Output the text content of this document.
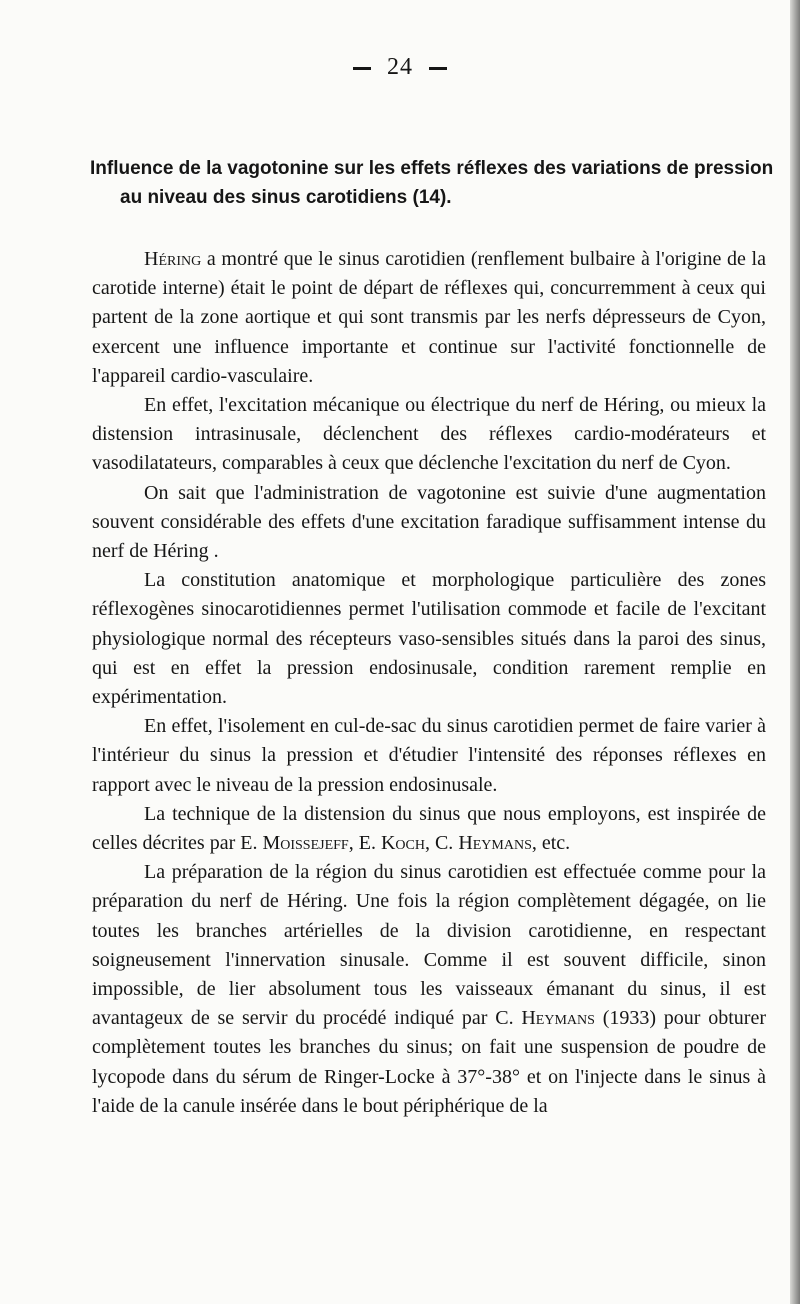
24
Influence de la vagotonine sur les effets réflexes des variations de pression au niveau des sinus carotidiens (14).

Héring a montré que le sinus carotidien (renflement bulbaire à l'origine de la carotide interne) était le point de départ de réflexes qui, concurremment à ceux qui partent de la zone aortique et qui sont transmis par les nerfs dépresseurs de Cyon, exercent une influence importante et continue sur l'activité fonctionnelle de l'appareil cardio-vasculaire.

En effet, l'excitation mécanique ou électrique du nerf de Héring, ou mieux la distension intrasinusale, déclenchent des réflexes cardio-modérateurs et vasodilatateurs, comparables à ceux que déclenche l'excitation du nerf de Cyon.

On sait que l'administration de vagotonine est suivie d'une augmentation souvent considérable des effets d'une excitation faradique suffisamment intense du nerf de Héring .

La constitution anatomique et morphologique particulière des zones réflexogènes sinocarotidiennes permet l'utilisation commode et facile de l'excitant physiologique normal des récepteurs vaso-sensibles situés dans la paroi des sinus, qui est en effet la pression endosinusale, condition rarement remplie en expérimentation.

En effet, l'isolement en cul-de-sac du sinus carotidien permet de faire varier à l'intérieur du sinus la pression et d'étudier l'intensité des réponses réflexes en rapport avec le niveau de la pression endosinusale.

La technique de la distension du sinus que nous employons, est inspirée de celles décrites par E. Moissejeff, E. Koch, C. Heymans, etc.

La préparation de la région du sinus carotidien est effectuée comme pour la préparation du nerf de Héring. Une fois la région complètement dégagée, on lie toutes les branches artérielles de la division carotidienne, en respectant soigneusement l'innervation sinusale. Comme il est souvent difficile, sinon impossible, de lier absolument tous les vaisseaux émanant du sinus, il est avantageux de se servir du procédé indiqué par C. Heymans (1933) pour obturer complètement toutes les branches du sinus; on fait une suspension de poudre de lycopode dans du sérum de Ringer-Locke à 37°-38° et on l'injecte dans le sinus à l'aide de la canule insérée dans le bout périphérique de la
